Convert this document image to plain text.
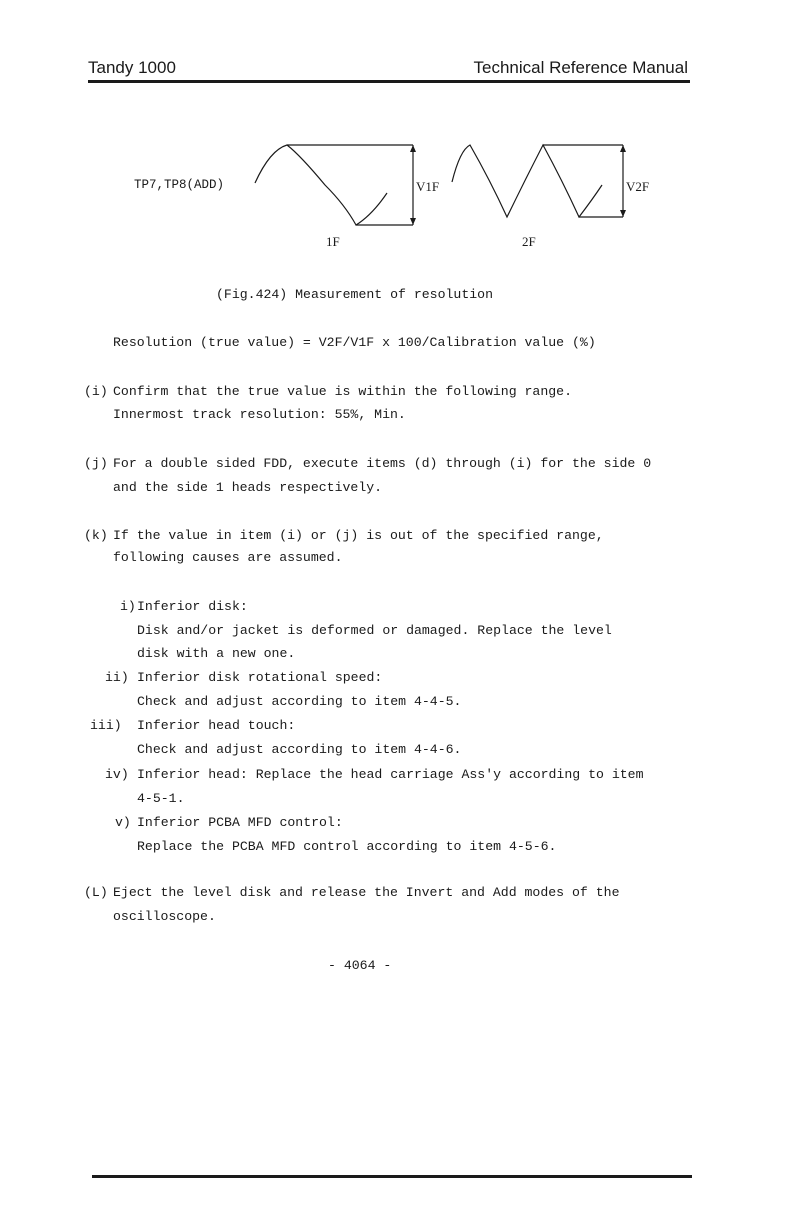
Tandy 1000	Technical Reference Manual
TP7,TP8(ADD)	V1F	V2F
1F	2F
(Fig.424) Measurement of resolution
Resolution (true value) = V2F/V1F x 100/Calibration value (%)
(i) Confirm that the true value is within the following range.
Innermost track resolution: 55%, Min.
(j) For a double sided FDD, execute items (d) through (i) for the side 0
and the side 1 heads respectively.
(k) If the value in item (i) or (j) is out of the specified range,
following causes are assumed.
i) Inferior disk:
Disk and/or jacket is deformed or damaged. Replace the level
disk with a new one.
ii) Inferior disk rotational speed:
Check and adjust according to item 4-4-5.
iii) Inferior head touch:
Check and adjust according to item 4-4-6.
iv) Inferior head: Replace the head carriage Ass'y according to item
4-5-1.
v) Inferior PCBA MFD control:
Replace the PCBA MFD control according to item 4-5-6.
(L) Eject the level disk and release the Invert and Add modes of the
oscilloscope.
- 4064 -
